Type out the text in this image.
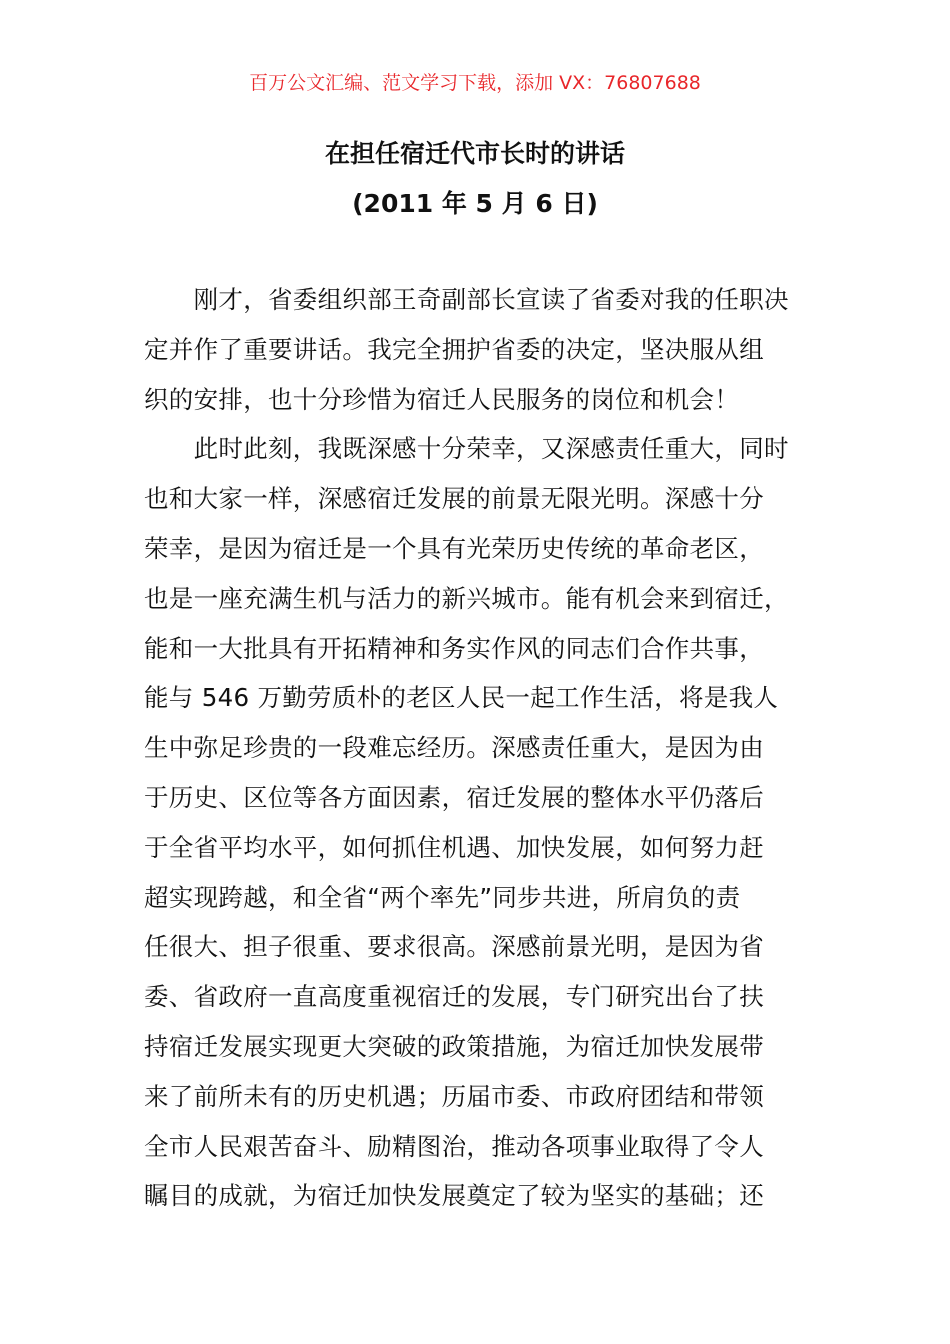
百万公文汇编、范文学习下载，添加 VX：76807688
在担任宿迁代市长时的讲话
(2011 年 5 月 6 日)
　　刚才，省委组织部王奇副部长宣读了省委对我的任职决
定并作了重要讲话。我完全拥护省委的决定，坚决服从组
织的安排，也十分珍惜为宿迁人民服务的岗位和机会！
　　此时此刻，我既深感十分荣幸，又深感责任重大，同时
也和大家一样，深感宿迁发展的前景无限光明。深感十分
荣幸，是因为宿迁是一个具有光荣历史传统的革命老区，
也是一座充满生机与活力的新兴城市。能有机会来到宿迁，
能和一大批具有开拓精神和务实作风的同志们合作共事，
能与 546 万勤劳质朴的老区人民一起工作生活，将是我人
生中弥足珍贵的一段难忘经历。深感责任重大，是因为由
于历史、区位等各方面因素，宿迁发展的整体水平仍落后
于全省平均水平，如何抓住机遇、加快发展，如何努力赶
超实现跨越，和全省“两个率先”同步共进，所肩负的责
任很大、担子很重、要求很高。深感前景光明，是因为省
委、省政府一直高度重视宿迁的发展，专门研究出台了扶
持宿迁发展实现更大突破的政策措施，为宿迁加快发展带
来了前所未有的历史机遇；历届市委、市政府团结和带领
全市人民艰苦奋斗、励精图治，推动各项事业取得了令人
瞩目的成就，为宿迁加快发展奠定了较为坚实的基础；还
